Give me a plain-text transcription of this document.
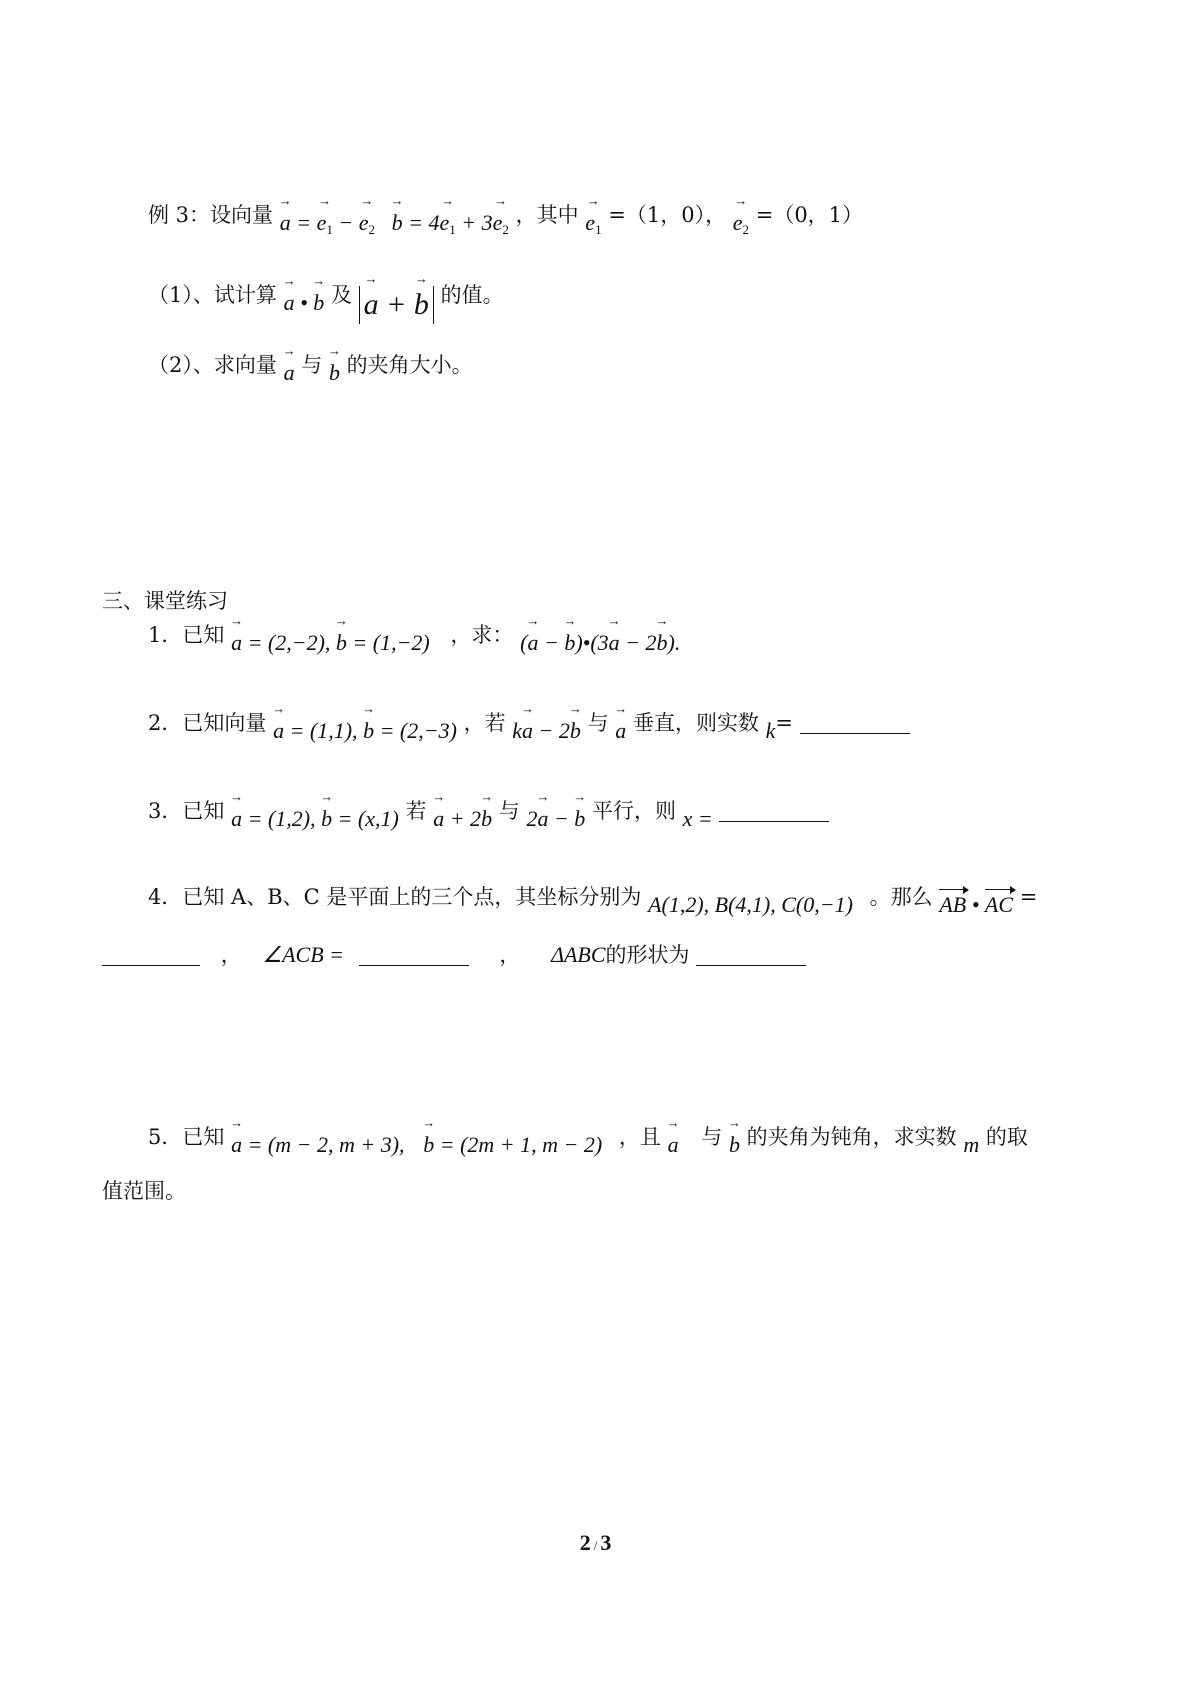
例 3：设向量 → a = → $e_1$ − → $e_2 \to b = 4\to e_1 + 3\to e_2$ ，其中 → $e_1 =(1$，0）， → $e_2 =(0$，1）
（1）、试计算 → a • → b 及 → a + → b 的值。
（2）、求向量 → a 与 → b 的夹角大小。
三、课堂练习
1．已知 → a = (2,−2), → b = (1,−2) ，求： (→ a − → b)•(3→ a − 2→ b).
2．已知向量 → a = (1,1), → b = (2,−3) ，若 k→ a − 2→ b 与 → a 垂直，则实数 k=
3．已知 → a = (1,2), → b = (x,1) 若 → a + 2→ b 与 2→ a − → b 平行，则 x =
4．已知 A、B、C 是平面上的三个点，其坐标分别为 A(1,2), B(4,1), C(0,−1) 。那么 AB • AC =
， ∠ACB =	， ΔABC的形状为
5．已知 → a = (m − 2, m + 3), → b = (2m + 1, m − 2) ，且 → a 与 → b 的夹角为钝角，求实数 m 的取
值范围。
2 / 3
